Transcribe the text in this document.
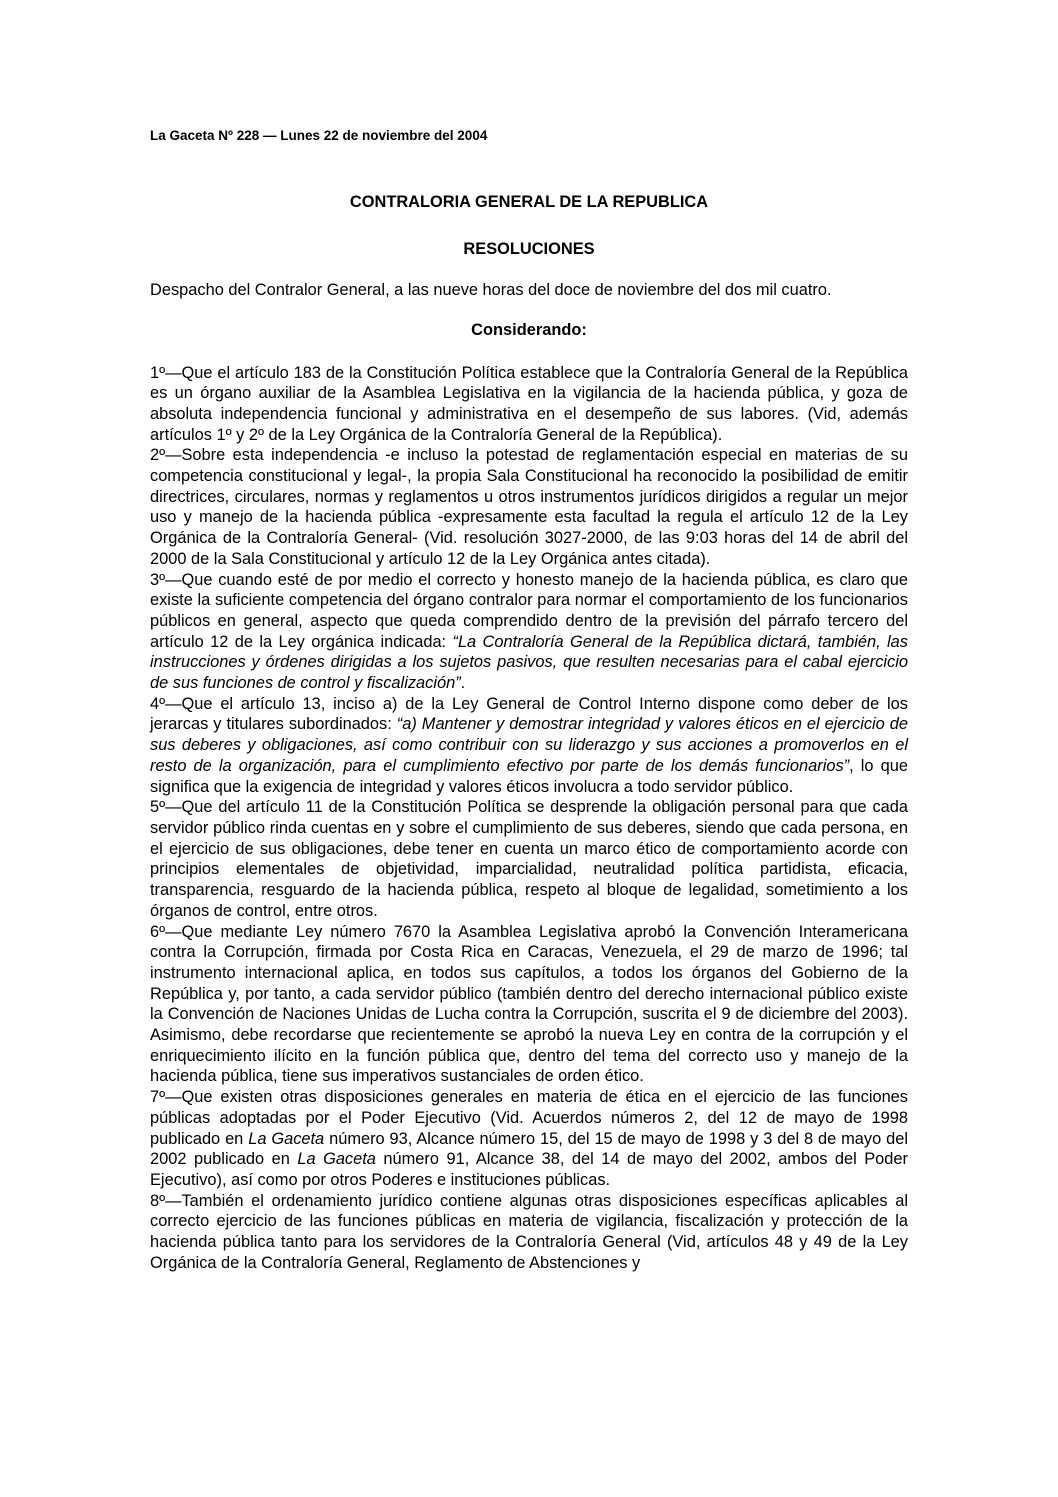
La Gaceta Nº 228 — Lunes 22 de noviembre del 2004

CONTRALORIA GENERAL DE LA REPUBLICA

RESOLUCIONES

Despacho del Contralor General, a las nueve horas del doce de noviembre del dos mil cuatro.

Considerando:

1º—Que el artículo 183 de la Constitución Política establece que la Contraloría General de la República es un órgano auxiliar de la Asamblea Legislativa en la vigilancia de la hacienda pública, y goza de absoluta independencia funcional y administrativa en el desempeño de sus labores. (Vid, además artículos 1º y 2º de la Ley Orgánica de la Contraloría General de la República).

2º—Sobre esta independencia -e incluso la potestad de reglamentación especial en materias de su competencia constitucional y legal-, la propia Sala Constitucional ha reconocido la posibilidad de emitir directrices, circulares, normas y reglamentos u otros instrumentos jurídicos dirigidos a regular un mejor uso y manejo de la hacienda pública -expresamente esta facultad la regula el artículo 12 de la Ley Orgánica de la Contraloría General- (Vid. resolución 3027-2000, de las 9:03 horas del 14 de abril del 2000 de la Sala Constitucional y artículo 12 de la Ley Orgánica antes citada).

3º—Que cuando esté de por medio el correcto y honesto manejo de la hacienda pública, es claro que existe la suficiente competencia del órgano contralor para normar el comportamiento de los funcionarios públicos en general, aspecto que queda comprendido dentro de la previsión del párrafo tercero del artículo 12 de la Ley orgánica indicada: “La Contraloría General de la República dictará, también, las instrucciones y órdenes dirigidas a los sujetos pasivos, que resulten necesarias para el cabal ejercicio de sus funciones de control y fiscalización”.

4º—Que el artículo 13, inciso a) de la Ley General de Control Interno dispone como deber de los jerarcas y titulares subordinados: “a) Mantener y demostrar integridad y valores éticos en el ejercicio de sus deberes y obligaciones, así como contribuir con su liderazgo y sus acciones a promoverlos en el resto de la organización, para el cumplimiento efectivo por parte de los demás funcionarios”, lo que significa que la exigencia de integridad y valores éticos involucra a todo servidor público.

5º—Que del artículo 11 de la Constitución Política se desprende la obligación personal para que cada servidor público rinda cuentas en y sobre el cumplimiento de sus deberes, siendo que cada persona, en el ejercicio de sus obligaciones, debe tener en cuenta un marco ético de comportamiento acorde con principios elementales de objetividad, imparcialidad, neutralidad política partidista, eficacia, transparencia, resguardo de la hacienda pública, respeto al bloque de legalidad, sometimiento a los órganos de control, entre otros.

6º—Que mediante Ley número 7670 la Asamblea Legislativa aprobó la Convención Interamericana contra la Corrupción, firmada por Costa Rica en Caracas, Venezuela, el 29 de marzo de 1996; tal instrumento internacional aplica, en todos sus capítulos, a todos los órganos del Gobierno de la República y, por tanto, a cada servidor público (también dentro del derecho internacional público existe la Convención de Naciones Unidas de Lucha contra la Corrupción, suscrita el 9 de diciembre del 2003). Asimismo, debe recordarse que recientemente se aprobó la nueva Ley en contra de la corrupción y el enriquecimiento ilícito en la función pública que, dentro del tema del correcto uso y manejo de la hacienda pública, tiene sus imperativos sustanciales de orden ético.

7º—Que existen otras disposiciones generales en materia de ética en el ejercicio de las funciones públicas adoptadas por el Poder Ejecutivo (Vid. Acuerdos números 2, del 12 de mayo de 1998 publicado en La Gaceta número 93, Alcance número 15, del 15 de mayo de 1998 y 3 del 8 de mayo del 2002 publicado en La Gaceta número 91, Alcance 38, del 14 de mayo del 2002, ambos del Poder Ejecutivo), así como por otros Poderes e instituciones públicas.

8º—También el ordenamiento jurídico contiene algunas otras disposiciones específicas aplicables al correcto ejercicio de las funciones públicas en materia de vigilancia, fiscalización y protección de la hacienda pública tanto para los servidores de la Contraloría General (Vid, artículos 48 y 49 de la Ley Orgánica de la Contraloría General, Reglamento de Abstenciones y
